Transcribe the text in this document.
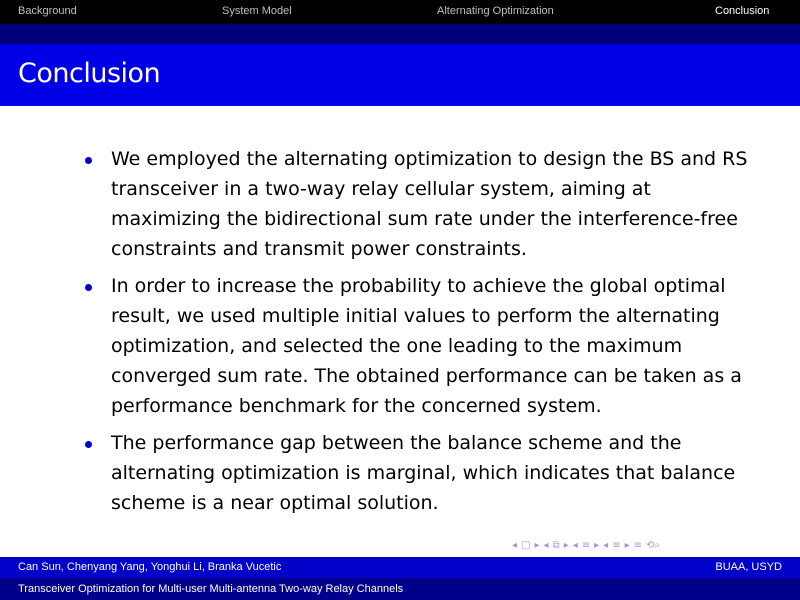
Background	System Model	Alternating Optimization	Conclusion
Conclusion
We employed the alternating optimization to design the BS and RS transceiver in a two-way relay cellular system, aiming at maximizing the bidirectional sum rate under the interference-free constraints and transmit power constraints.
In order to increase the probability to achieve the global optimal result, we used multiple initial values to perform the alternating optimization, and selected the one leading to the maximum converged sum rate. The obtained performance can be taken as a performance benchmark for the concerned system.
The performance gap between the balance scheme and the alternating optimization is marginal, which indicates that balance scheme is a near optimal solution.
◂ □ ▸ ◂ ⧉ ▸ ◂ ≡ ▸ ◂ ≡ ▸ ≡ ⟲⌕
Can Sun, Chenyang Yang, Yonghui Li, Branka Vucetic	BUAA, USYD
Transceiver Optimization for Multi-user Multi-antenna Two-way Relay Channels
